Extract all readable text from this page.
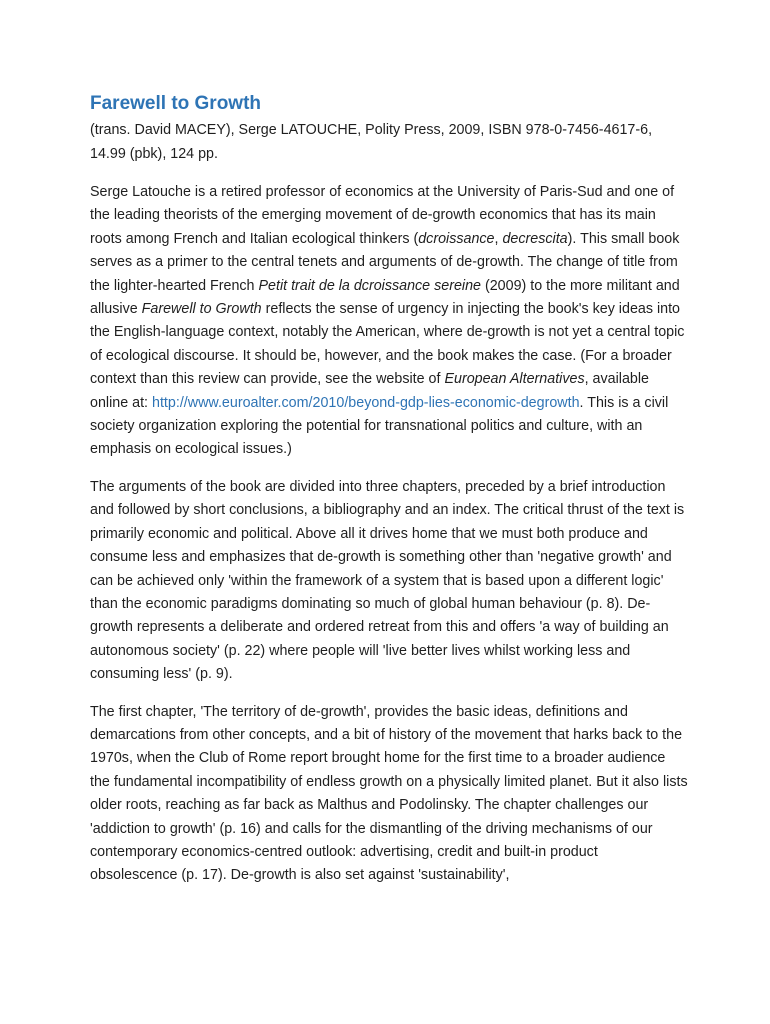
Farewell to Growth

(trans. David MACEY), Serge LATOUCHE, Polity Press, 2009, ISBN 978-0-7456-4617-6, 14.99 (pbk), 124 pp.

Serge Latouche is a retired professor of economics at the University of Paris-Sud and one of the leading theorists of the emerging movement of de-growth economics that has its main roots among French and Italian ecological thinkers (dcroissance, decrescita). This small book serves as a primer to the central tenets and arguments of de-growth. The change of title from the lighter-hearted French Petit trait de la dcroissance sereine (2009) to the more militant and allusive Farewell to Growth reflects the sense of urgency in injecting the book's key ideas into the English-language context, notably the American, where de-growth is not yet a central topic of ecological discourse. It should be, however, and the book makes the case. (For a broader context than this review can provide, see the website of European Alternatives, available online at: http://www.euroalter.com/2010/beyond-gdp-lies-economic-degrowth. This is a civil society organization exploring the potential for transnational politics and culture, with an emphasis on ecological issues.)

The arguments of the book are divided into three chapters, preceded by a brief introduction and followed by short conclusions, a bibliography and an index. The critical thrust of the text is primarily economic and political. Above all it drives home that we must both produce and consume less and emphasizes that de-growth is something other than 'negative growth' and can be achieved only 'within the framework of a system that is based upon a different logic' than the economic paradigms dominating so much of global human behaviour (p. 8). De-growth represents a deliberate and ordered retreat from this and offers 'a way of building an autonomous society' (p. 22) where people will 'live better lives whilst working less and consuming less' (p. 9).

The first chapter, 'The territory of de-growth', provides the basic ideas, definitions and demarcations from other concepts, and a bit of history of the movement that harks back to the 1970s, when the Club of Rome report brought home for the first time to a broader audience the fundamental incompatibility of endless growth on a physically limited planet. But it also lists older roots, reaching as far back as Malthus and Podolinsky. The chapter challenges our 'addiction to growth' (p. 16) and calls for the dismantling of the driving mechanisms of our contemporary economics-centred outlook: advertising, credit and built-in product obsolescence (p. 17). De-growth is also set against 'sustainability',
